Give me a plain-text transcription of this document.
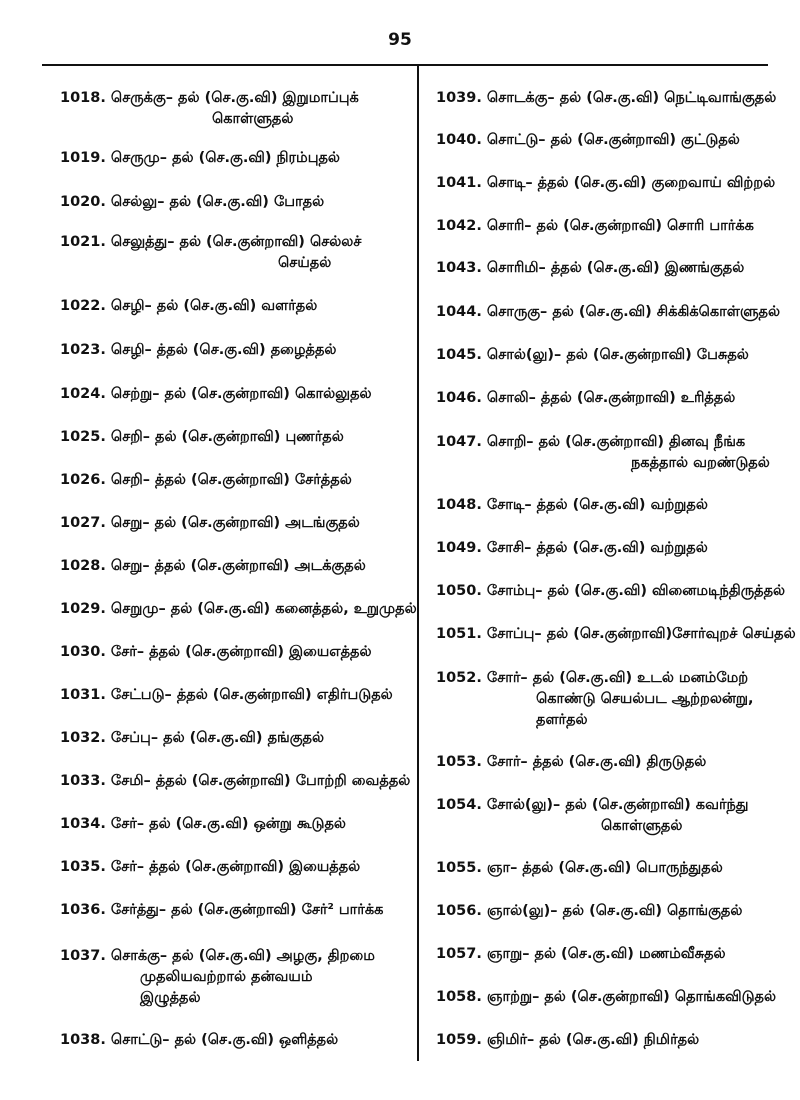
95
1018. செருக்கு– தல் (செ.கு.வி) இறுமாப்புக்
கொள்ளுதல்
1019. செருமு– தல் (செ.கு.வி) நிரம்புதல்
1020. செல்லு– தல் (செ.கு.வி) போதல்
1021. செலுத்து– தல் (செ.குன்றாவி) செல்லச்
செய்தல்
1022. செழி– தல் (செ.கு.வி) வளர்தல்
1023. செழி– த்தல் (செ.கு.வி) தழைத்தல்
1024. செற்று– தல் (செ.குன்றாவி) கொல்லுதல்
1025. செறி– தல் (செ.குன்றாவி) புணர்தல்
1026. செறி– த்தல் (செ.குன்றாவி) சேர்த்தல்
1027. செறு– தல் (செ.குன்றாவி) அடங்குதல்
1028. செறு– த்தல் (செ.குன்றாவி) அடக்குதல்
1029. செறுமு– தல் (செ.கு.வி) கனைத்தல், உறுமுதல்
1030. சேர்– த்தல் (செ.குன்றாவி) இயைஎத்தல்
1031. சேட்படு– த்தல் (செ.குன்றாவி) எதிர்படுதல்
1032. சேப்பு– தல் (செ.கு.வி) தங்குதல்
1033. சேமி– த்தல் (செ.குன்றாவி) போற்றி வைத்தல்
1034. சேர்– தல் (செ.கு.வி) ஒன்று கூடுதல்
1035. சேர்– த்தல் (செ.குன்றாவி) இயைத்தல்
1036. சேர்த்து– தல் (செ.குன்றாவி) சேர்² பார்க்க
1037. சொக்கு– தல் (செ.கு.வி) அழகு, திறமை
முதலியவற்றால் தன்வயம்
இழுத்தல்
1038. சொட்டு– தல் (செ.கு.வி) ஒளித்தல்
1039. சொடக்கு– தல் (செ.கு.வி) நெட்டிவாங்குதல்
1040. சொட்டு– தல் (செ.குன்றாவி) குட்டுதல்
1041. சொடி– த்தல் (செ.கு.வி) குறைவாய் விற்றல்
1042. சொரி– தல் (செ.குன்றாவி) சொரி பார்க்க
1043. சொரிமி– த்தல் (செ.கு.வி) இணங்குதல்
1044. சொருகு– தல் (செ.கு.வி) சிக்கிக்கொள்ளுதல்
1045. சொல்(லு)– தல் (செ.குன்றாவி) பேசுதல்
1046. சொலி– த்தல் (செ.குன்றாவி) உரித்தல்
1047. சொறி– தல் (செ.குன்றாவி) தினவு நீங்க
நகத்தால் வறண்டுதல்
1048. சோடி– த்தல் (செ.கு.வி) வற்றுதல்
1049. சோசி– த்தல் (செ.கு.வி) வற்றுதல்
1050. சோம்பு– தல் (செ.கு.வி) வினைமடிந்திருத்தல்
1051. சோப்பு– தல் (செ.குன்றாவி)சோர்வுறச் செய்தல்
1052. சோர்– தல் (செ.கு.வி) உடல் மனம்மேற்
கொண்டு செயல்பட ஆற்றலன்று,
தளர்தல்
1053. சோர்– த்தல் (செ.கு.வி) திருடுதல்
1054. சோல்(லு)– தல் (செ.குன்றாவி) கவர்ந்து
கொள்ளுதல்
1055. ஞா– த்தல் (செ.கு.வி) பொருந்துதல்
1056. ஞால்(லு)– தல் (செ.கு.வி) தொங்குதல்
1057. ஞாறு– தல் (செ.கு.வி) மணம்வீசுதல்
1058. ஞாற்று– தல் (செ.குன்றாவி) தொங்கவிடுதல்
1059. ஞிமிர்– தல் (செ.கு.வி) நிமிர்தல்
